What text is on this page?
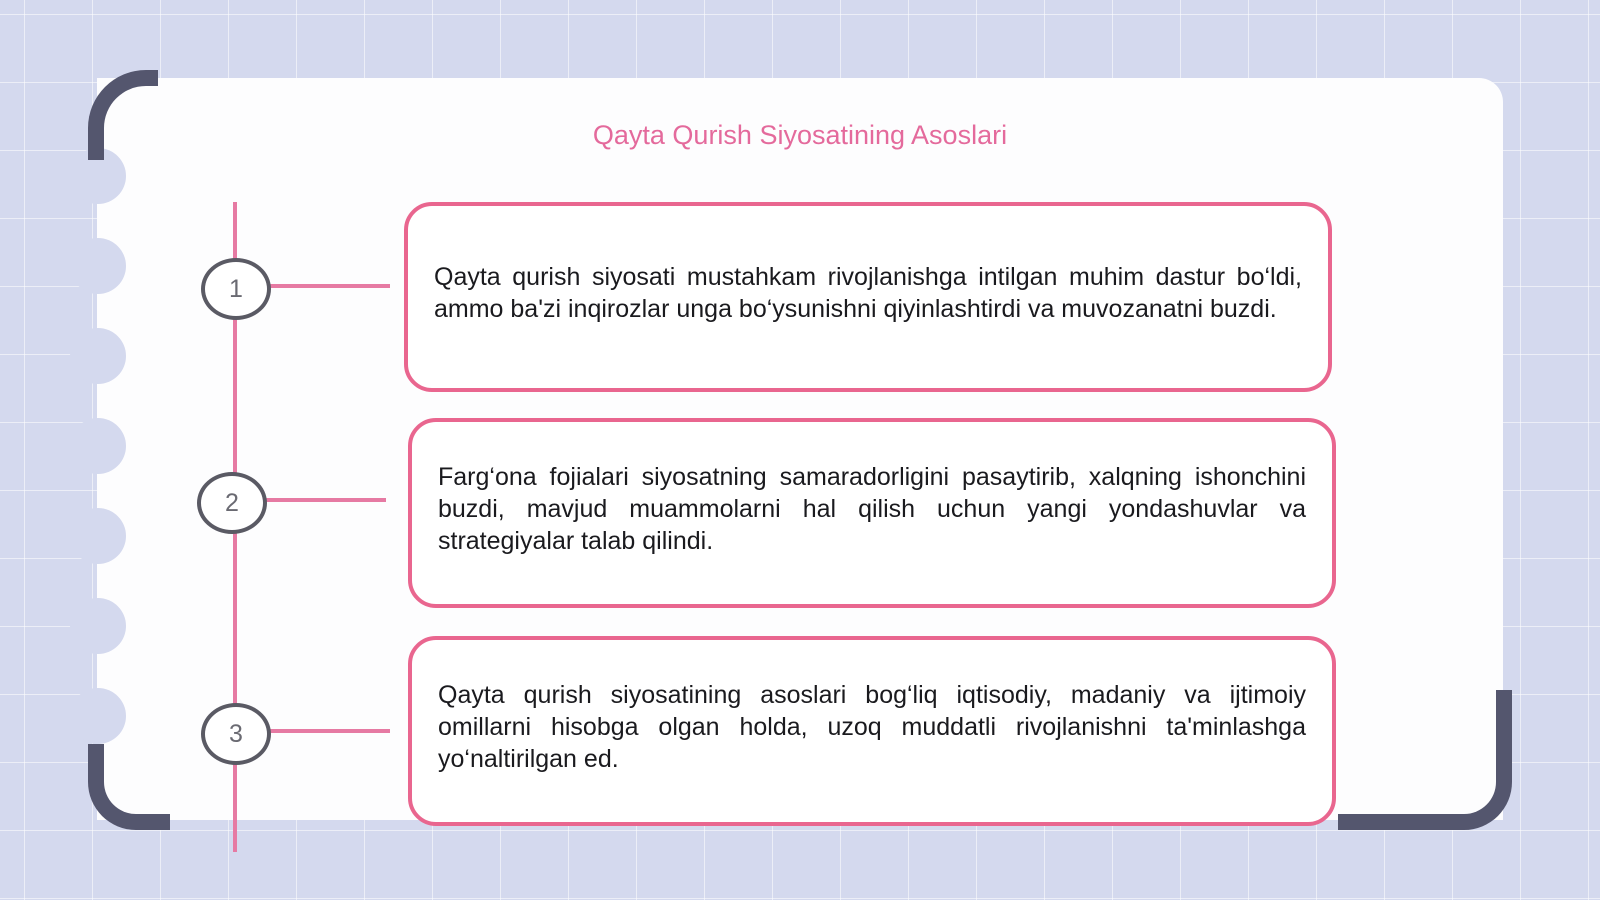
Qayta Qurish Siyosatining Asoslari
1	Qayta qurish siyosati mustahkam rivojlanishga intilgan muhim dastur bo‘ldi, ammo ba'zi inqirozlar unga bo‘ysunishni qiyinlashtirdi va muvozanatni buzdi.

2

Farg‘ona fojialari siyosatning samaradorligini pasaytirib, xalqning ishonchini buzdi, mavjud muammolarni hal qilish uchun yangi yondashuvlar va strategiyalar talab qilindi.

3

Qayta qurish siyosatining asoslari bog‘liq iqtisodiy, madaniy va ijtimoiy omillarni hisobga olgan holda, uzoq muddatli rivojlanishni ta'minlashga yo‘naltirilgan ed.
